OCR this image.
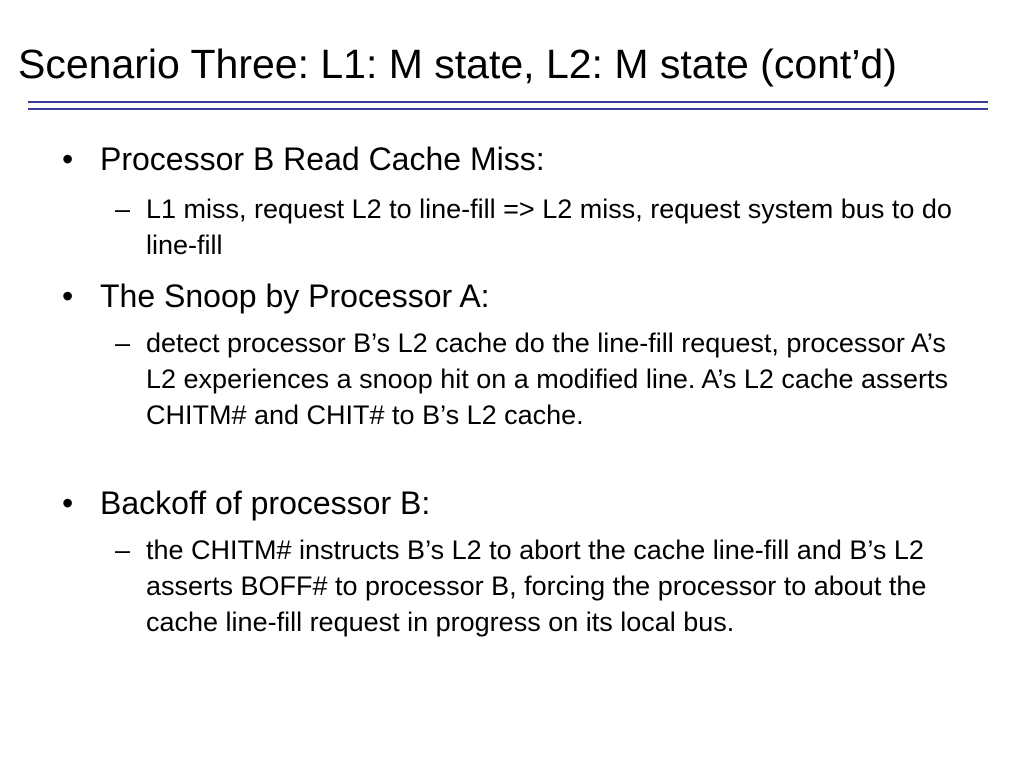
Scenario Three: L1: M state, L2: M state (cont’d)
• Processor B Read Cache Miss:
– L1 miss, request L2 to line-fill => L2 miss, request system bus to do line-fill
• The Snoop by Processor A:
– detect processor B’s L2 cache do the line-fill request, processor A’s L2 experiences a snoop hit on a modified line. A’s L2 cache asserts CHITM# and CHIT# to B’s L2 cache.
• Backoff of processor B:
– the CHITM# instructs B’s L2 to abort the cache line-fill and B’s L2 asserts BOFF# to processor B, forcing the processor to about the cache line-fill request in progress on its local bus.
